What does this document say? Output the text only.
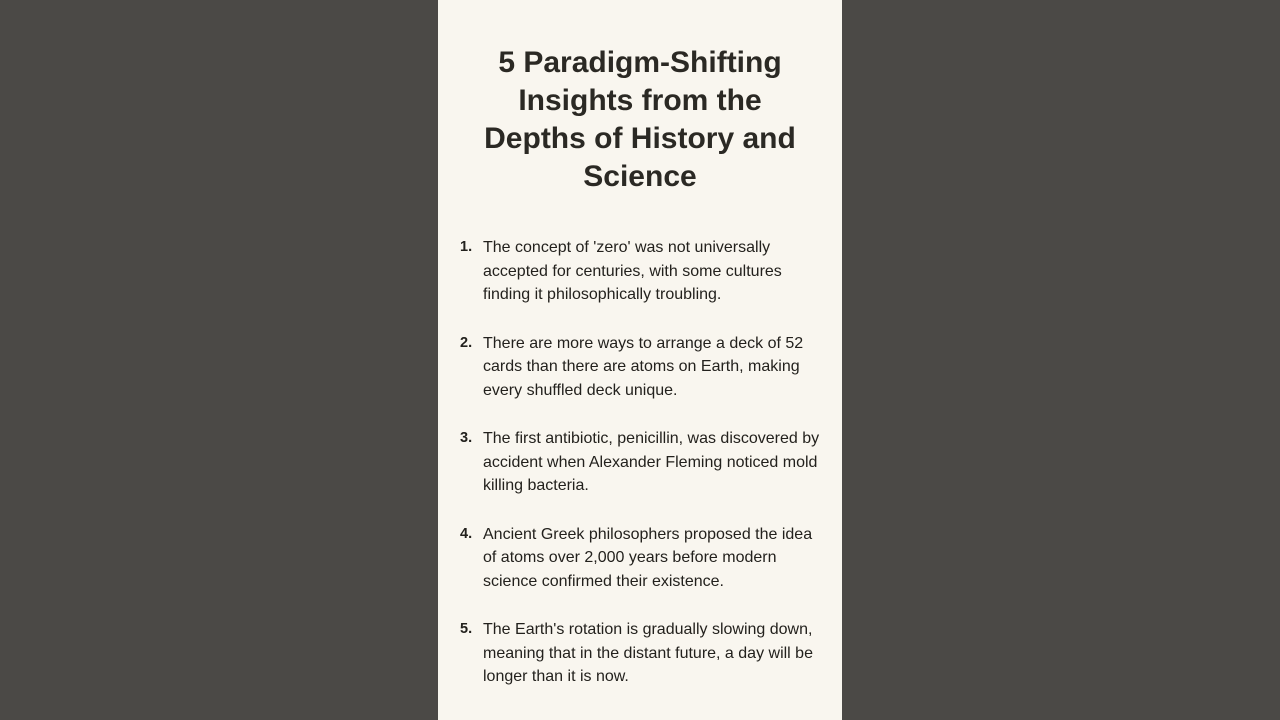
5 Paradigm-Shifting Insights from the Depths of History and Science
1. The concept of 'zero' was not universally accepted for centuries, with some cultures finding it philosophically troubling.
2. There are more ways to arrange a deck of 52 cards than there are atoms on Earth, making every shuffled deck unique.
3. The first antibiotic, penicillin, was discovered by accident when Alexander Fleming noticed mold killing bacteria.
4. Ancient Greek philosophers proposed the idea of atoms over 2,000 years before modern science confirmed their existence.
5. The Earth's rotation is gradually slowing down, meaning that in the distant future, a day will be longer than it is now.
